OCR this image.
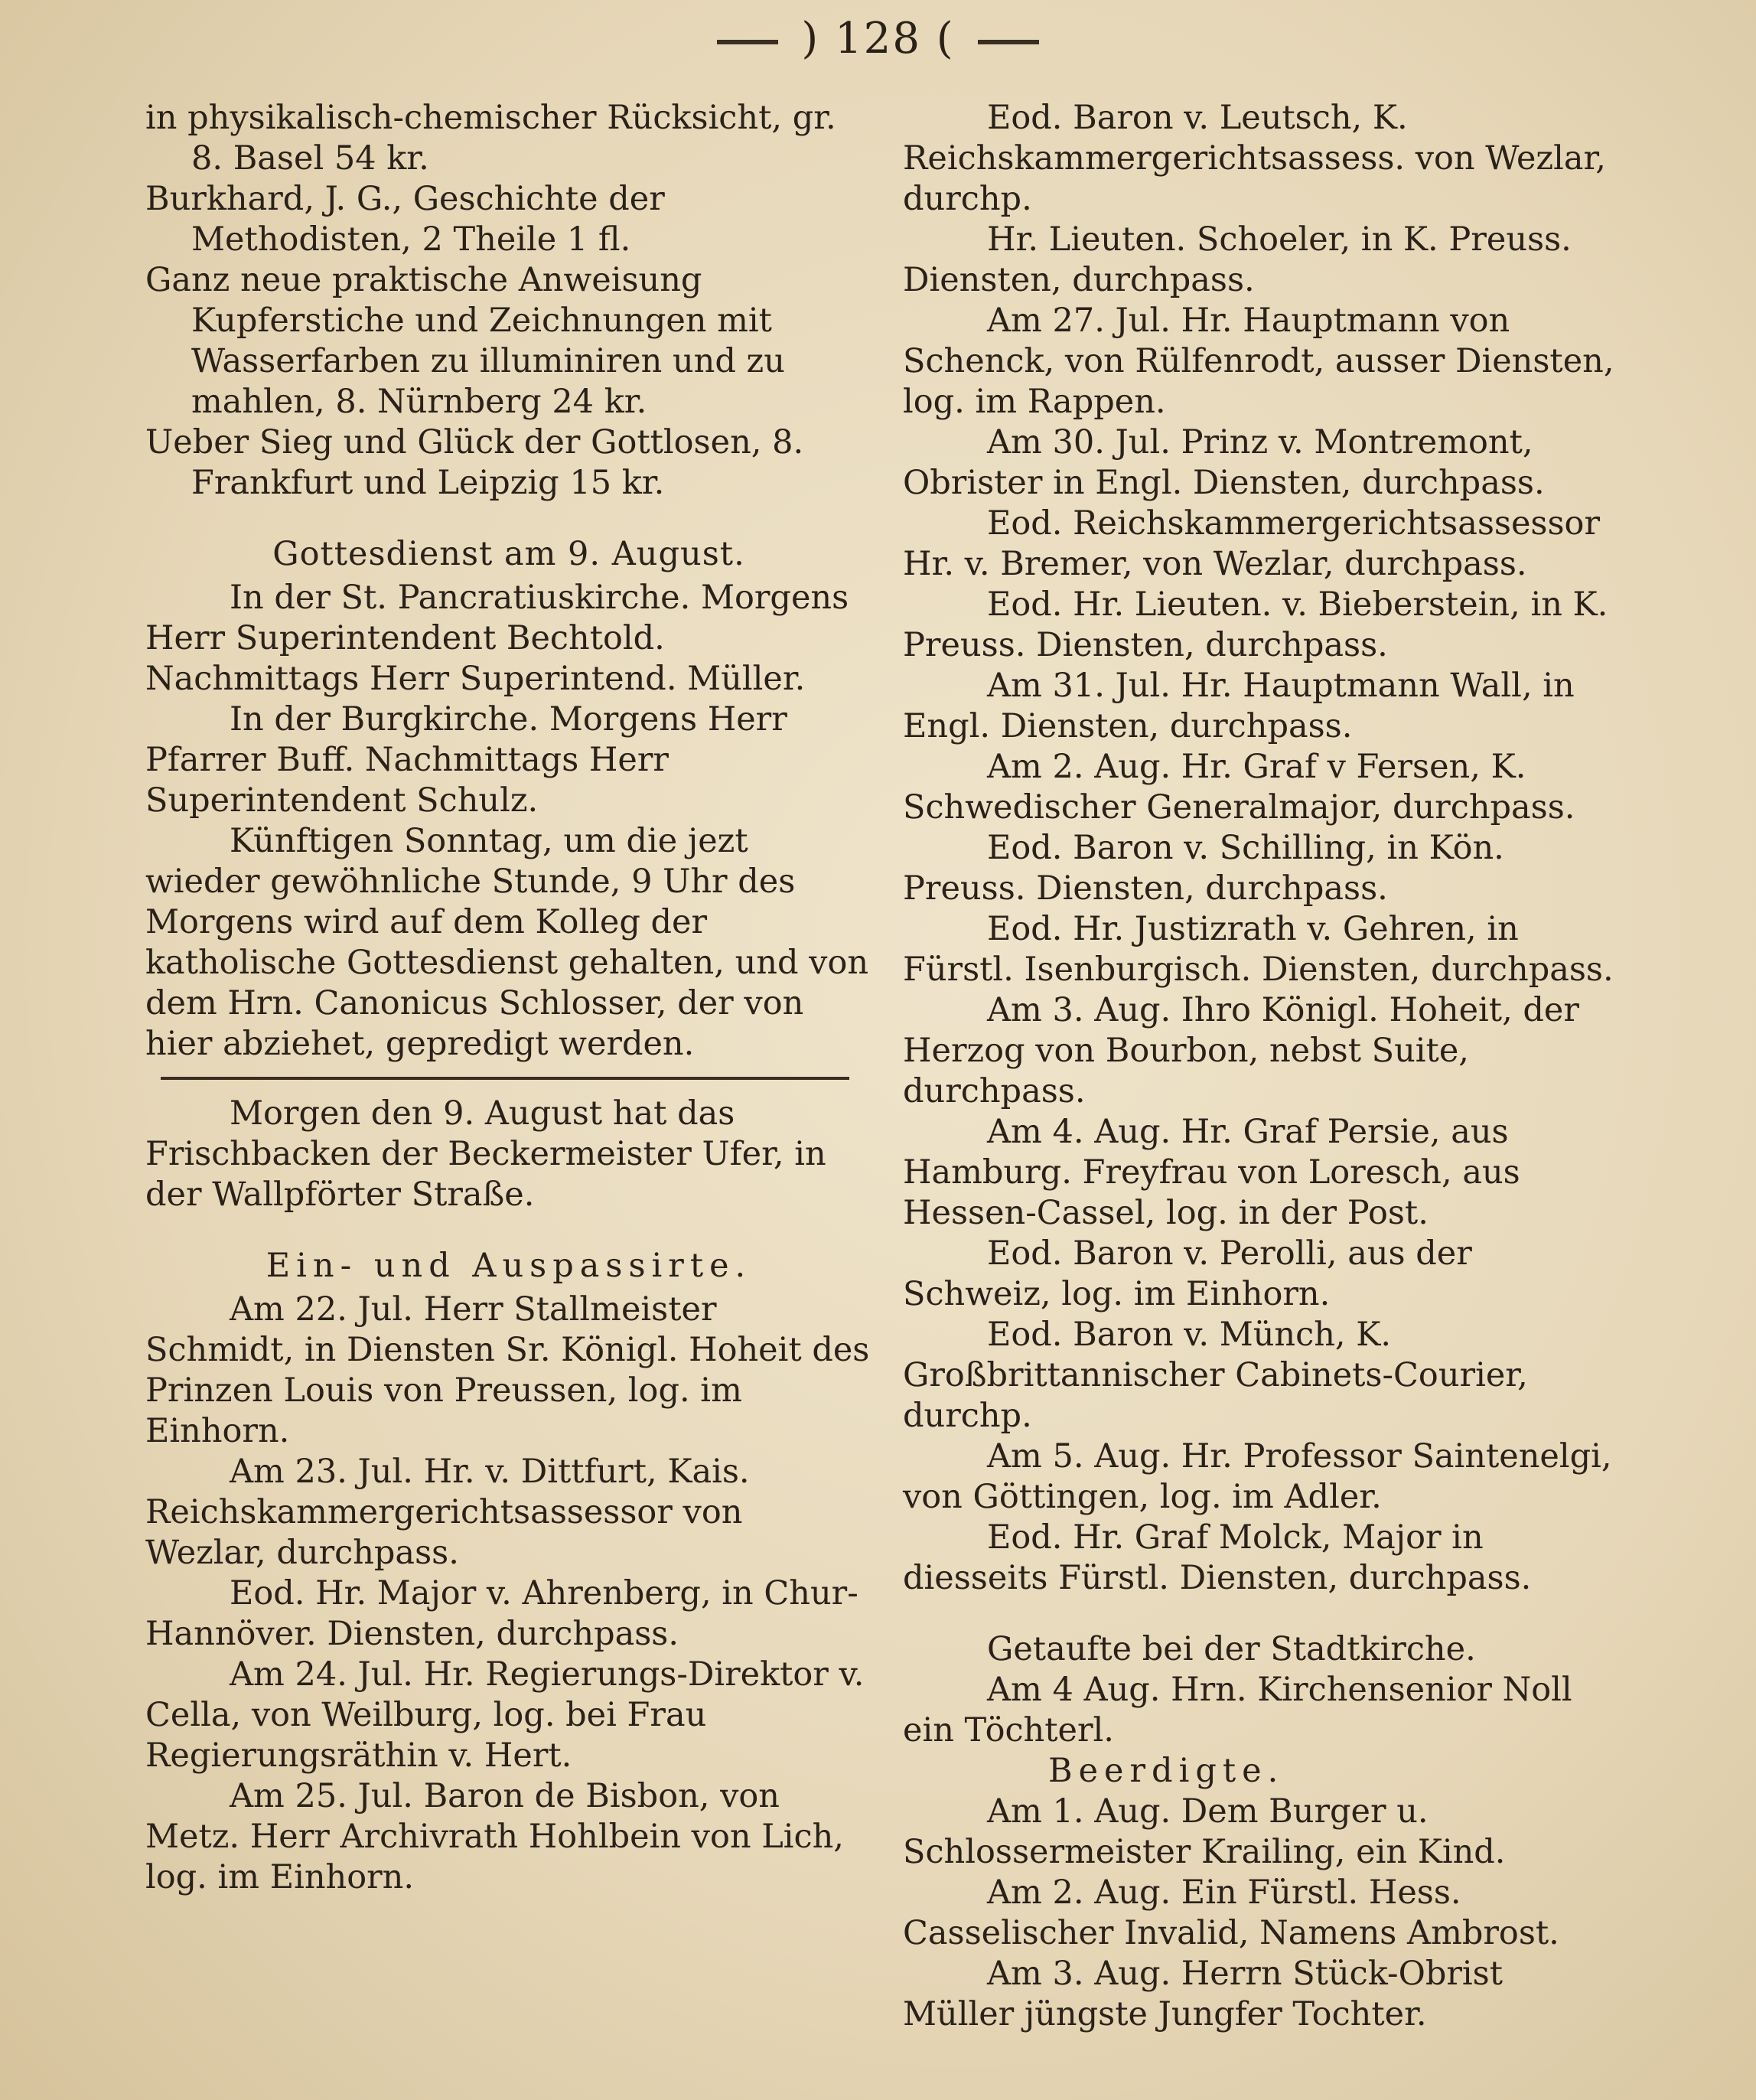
) 128 (

in physikalisch-chemischer Rücksicht, gr. 8. Basel 54 kr.

Burkhard, J. G., Geschichte der Methodisten, 2 Theile 1 fl.

Ganz neue praktische Anweisung Kupferstiche und Zeichnungen mit Wasserfarben zu illuminiren und zu mahlen, 8. Nürnberg 24 kr.

Ueber Sieg und Glück der Gottlosen, 8. Frankfurt und Leipzig 15 kr.

Gottesdienst am 9. August.

In der St. Pancratiuskirche. Morgens Herr Superintendent Bechtold. Nachmittags Herr Superintend. Müller.

In der Burgkirche. Morgens Herr Pfarrer Buff. Nachmittags Herr Superintendent Schulz.

Künftigen Sonntag, um die jezt wieder gewöhnliche Stunde, 9 Uhr des Morgens wird auf dem Kolleg der katholische Gottesdienst gehalten, und von dem Hrn. Canonicus Schlosser, der von hier abziehet, gepredigt werden.

Morgen den 9. August hat das Frischbacken der Beckermeister Ufer, in der Wallpförter Straße.

Ein- und Auspassirte.

Am 22. Jul. Herr Stallmeister Schmidt, in Diensten Sr. Königl. Hoheit des Prinzen Louis von Preussen, log. im Einhorn.

Am 23. Jul. Hr. v. Dittfurt, Kais. Reichskammergerichtsassessor von Wezlar, durchpass.

Eod. Hr. Major v. Ahrenberg, in Chur-Hannöver. Diensten, durchpass.

Am 24. Jul. Hr. Regierungs-Direktor v. Cella, von Weilburg, log. bei Frau Regierungsräthin v. Hert.

Am 25. Jul. Baron de Bisbon, von Metz. Herr Archivrath Hohlbein von Lich, log. im Einhorn.

Eod. Baron v. Leutsch, K. Reichskammergerichtsassess. von Wezlar, durchp.

Hr. Lieuten. Schoeler, in K. Preuss. Diensten, durchpass.

Am 27. Jul. Hr. Hauptmann von Schenck, von Rülfenrodt, ausser Diensten, log. im Rappen.

Am 30. Jul. Prinz v. Montremont, Obrister in Engl. Diensten, durchpass.

Eod. Reichskammergerichtsassessor Hr. v. Bremer, von Wezlar, durchpass.

Eod. Hr. Lieuten. v. Bieberstein, in K. Preuss. Diensten, durchpass.

Am 31. Jul. Hr. Hauptmann Wall, in Engl. Diensten, durchpass.

Am 2. Aug. Hr. Graf v Fersen, K. Schwedischer Generalmajor, durchpass.

Eod. Baron v. Schilling, in Kön. Preuss. Diensten, durchpass.

Eod. Hr. Justizrath v. Gehren, in Fürstl. Isenburgisch. Diensten, durchpass.

Am 3. Aug. Ihro Königl. Hoheit, der Herzog von Bourbon, nebst Suite, durchpass.

Am 4. Aug. Hr. Graf Persie, aus Hamburg. Freyfrau von Loresch, aus Hessen-Cassel, log. in der Post.

Eod. Baron v. Perolli, aus der Schweiz, log. im Einhorn.

Eod. Baron v. Münch, K. Großbrittannischer Cabinets-Courier, durchp.

Am 5. Aug. Hr. Professor Saintenelgi, von Göttingen, log. im Adler.

Eod. Hr. Graf Molck, Major in diesseits Fürstl. Diensten, durchpass.

Getaufte bei der Stadtkirche.

Am 4 Aug. Hrn. Kirchensenior Noll ein Töchterl.

Beerdigte.

Am 1. Aug. Dem Burger u. Schlossermeister Krailing, ein Kind.

Am 2. Aug. Ein Fürstl. Hess. Casselischer Invalid, Namens Ambrost.

Am 3. Aug. Herrn Stück-Obrist Müller jüngste Jungfer Tochter.
